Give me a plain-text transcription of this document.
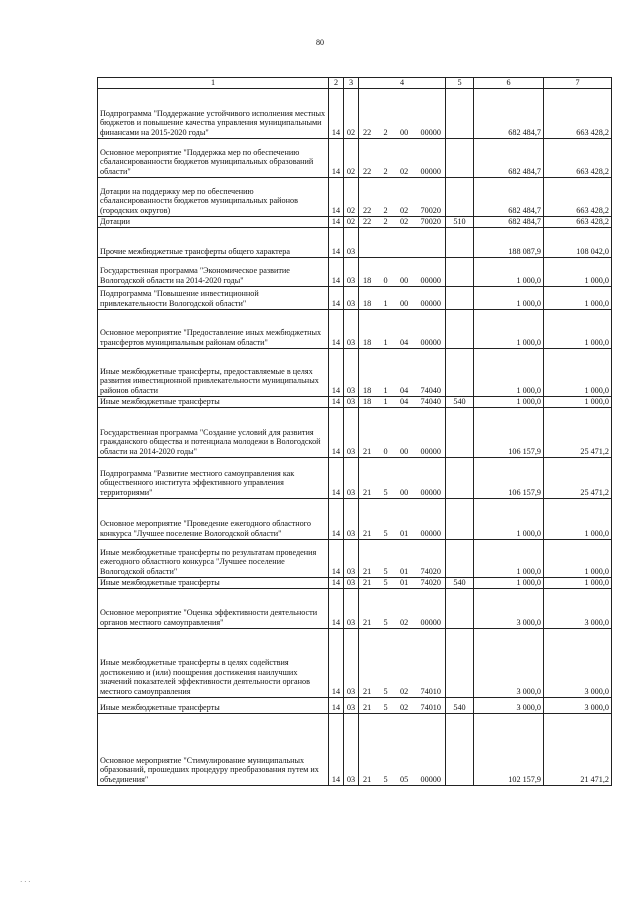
80
1	2	3	4	5	6	7
Подпрограмма "Поддержание устойчивого исполнения местных бюджетов и повышение качества управления муниципальными финансами на 2015-2020 годы"	14	02	22 2 00 00000		682 484,7	663 428,2
Основное мероприятие "Поддержка мер по обеспечению сбалансированности бюджетов муниципальных образований области"	14	02	22 2 02 00000		682 484,7	663 428,2
Дотации на поддержку мер по обеспечению сбалансированности бюджетов муниципальных районов (городских округов)	14	02	22 2 02 70020		682 484,7	663 428,2
Дотации	14	02	22 2 02 70020	510	682 484,7	663 428,2
Прочие межбюджетные трансферты общего характера	14	03			188 087,9	108 042,0
Государственная программа "Экономическое развитие Вологодской области на 2014-2020 годы"	14	03	18 0 00 00000		1 000,0	1 000,0
Подпрограмма "Повышение инвестиционной привлекательности Вологодской области"	14	03	18 1 00 00000		1 000,0	1 000,0
Основное мероприятие "Предоставление иных межбюджетных трансфертов муниципальным районам области"	14	03	18 1 04 00000		1 000,0	1 000,0
Иные межбюджетные трансферты, предоставляемые в целях развития инвестиционной привлекательности муниципальных районов области	14	03	18 1 04 74040		1 000,0	1 000,0
Иные межбюджетные трансферты	14	03	18 1 04 74040	540	1 000,0	1 000,0
Государственная программа "Создание условий для развития гражданского общества и потенциала молодежи в Вологодской области на 2014-2020 годы"	14	03	21 0 00 00000		106 157,9	25 471,2
Подпрограмма "Развитие местного самоуправления как общественного института эффективного управления территориями"	14	03	21 5 00 00000		106 157,9	25 471,2
Основное мероприятие "Проведение ежегодного областного конкурса "Лучшее поселение Вологодской области"	14	03	21 5 01 00000		1 000,0	1 000,0
Иные межбюджетные трансферты по результатам проведения ежегодного областного конкурса "Лучшее поселение Вологодской области"	14	03	21 5 01 74020		1 000,0	1 000,0
Иные межбюджетные трансферты	14	03	21 5 01 74020	540	1 000,0	1 000,0
Основное мероприятие "Оценка эффективности деятельности органов местного самоуправления"	14	03	21 5 02 00000		3 000,0	3 000,0
Иные межбюджетные трансферты в целях содействия достижению и (или) поощрения достижения наилучших значений показателей эффективности деятельности органов местного самоуправления	14	03	21 5 02 74010		3 000,0	3 000,0
Иные межбюджетные трансферты	14	03	21 5 02 74010	540	3 000,0	3 000,0
Основное мероприятие "Стимулирование муниципальных образований, прошедших процедуру преобразования путем их объединения"	14	03	21 5 05 00000		102 157,9	21 471,2
· · ·
